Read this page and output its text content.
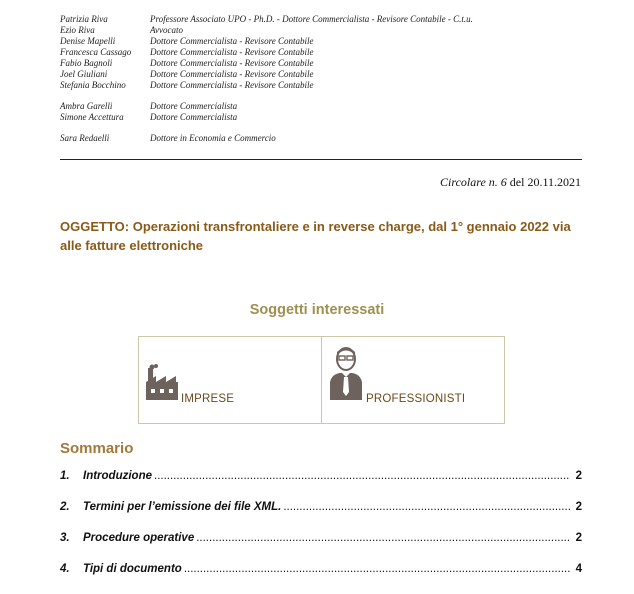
Patrizia Riva	Professore Associato UPO - Ph.D. - Dottore Commercialista - Revisore Contabile - C.t.u.
Ezio Riva	Avvocato
Denise Mapelli	Dottore Commercialista - Revisore Contabile
Francesca Cassago	Dottore Commercialista - Revisore Contabile
Fabio Bagnoli	Dottore Commercialista - Revisore Contabile
Joel Giuliani	Dottore Commercialista - Revisore Contabile
Stefania Bocchino	Dottore Commercialista - Revisore Contabile
Ambra Garelli	Dottore Commercialista
Simone Accettura	Dottore Commercialista
Sara Redaelli	Dottore in Economia e Commercio
Circolare n. 6 del 20.11.2021
OGGETTO: Operazioni transfrontaliere e in reverse charge, dal 1° gennaio 2022 via alle fatture elettroniche
Soggetti interessati
IMPRESE	PROFESSIONISTI
Sommario
1.	Introduzione .....	2
2.	Termini per l’emissione dei file XML. .....	2
3.	Procedure operative .....	2
4.	Tipi di documento .....	4
